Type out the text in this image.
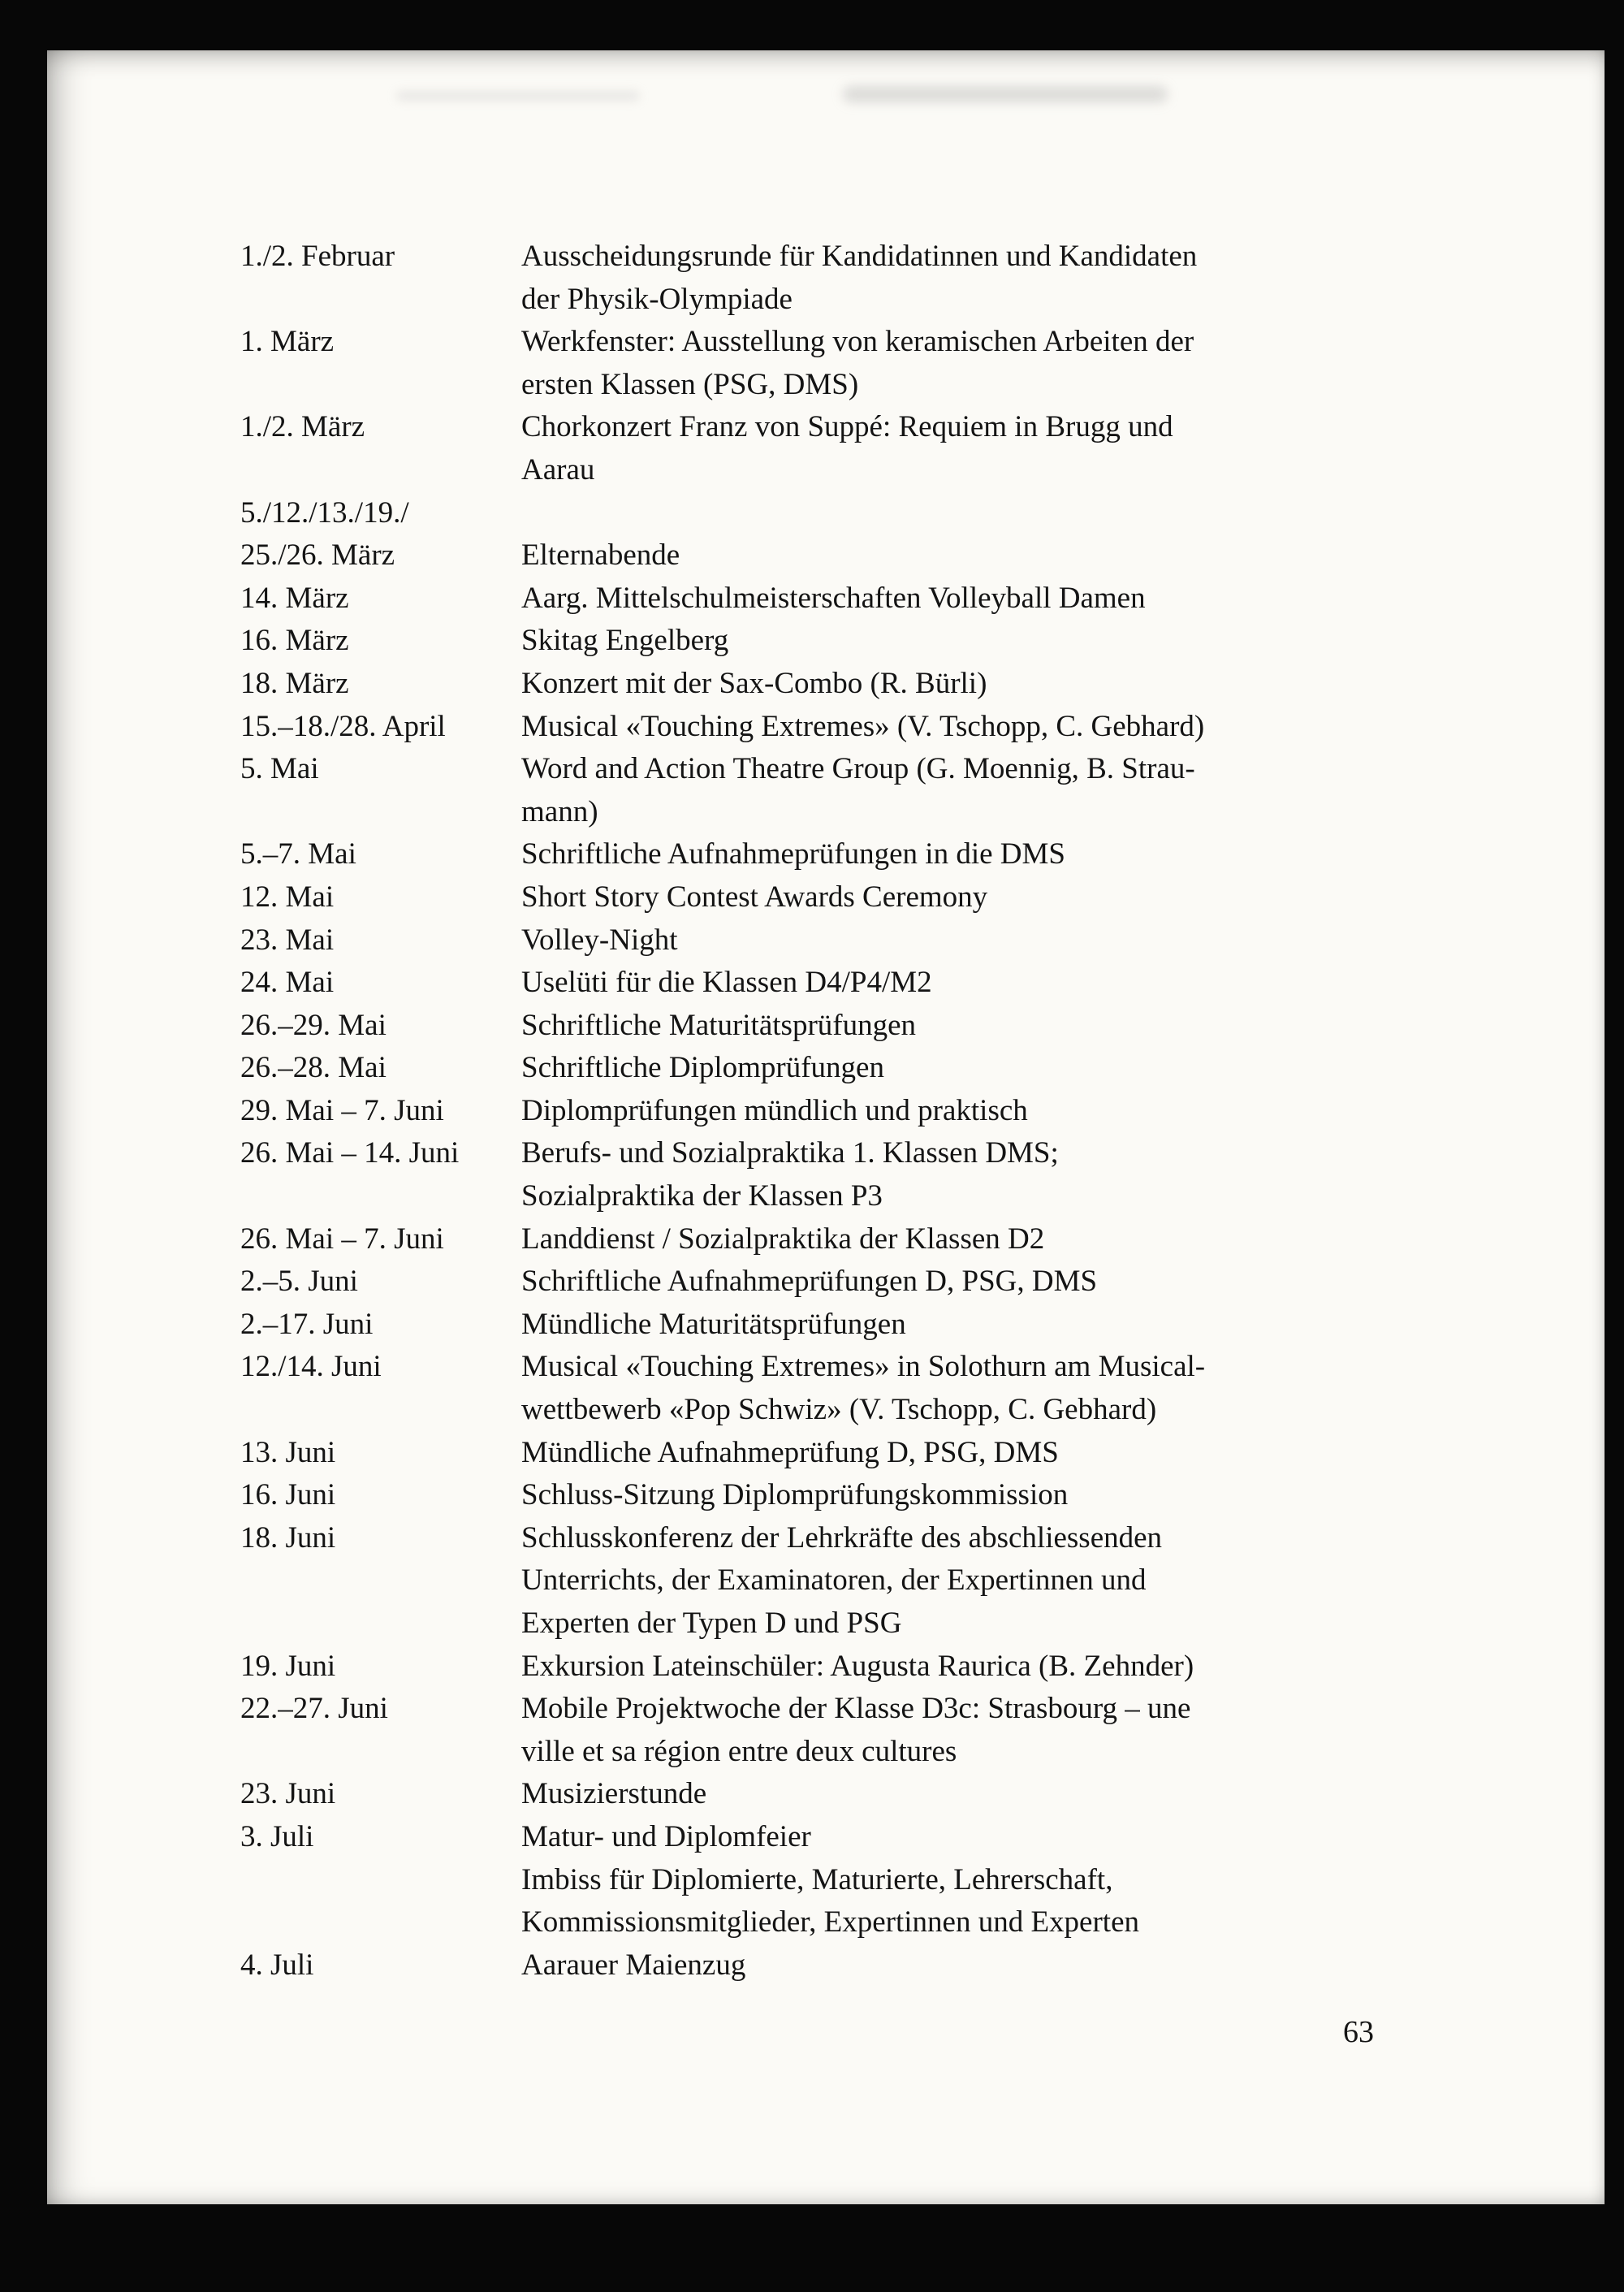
1./2. Februar	Ausscheidungsrunde für Kandidatinnen und Kandidaten
der Physik-Olympiade
1. März	Werkfenster: Ausstellung von keramischen Arbeiten der
ersten Klassen (PSG, DMS)
1./2. März	Chorkonzert Franz von Suppé: Requiem in Brugg und
Aarau
5./12./13./19./
25./26. März	Elternabende
14. März	Aarg. Mittelschulmeisterschaften Volleyball Damen
16. März	Skitag Engelberg
18. März	Konzert mit der Sax-Combo (R. Bürli)
15.–18./28. April	Musical «Touching Extremes» (V. Tschopp, C. Gebhard)
5. Mai	Word and Action Theatre Group (G. Moennig, B. Strau-
mann)
5.–7. Mai	Schriftliche Aufnahmeprüfungen in die DMS
12. Mai	Short Story Contest Awards Ceremony
23. Mai	Volley-Night
24. Mai	Uselüti für die Klassen D4/P4/M2
26.–29. Mai	Schriftliche Maturitätsprüfungen
26.–28. Mai	Schriftliche Diplomprüfungen
29. Mai – 7. Juni	Diplomprüfungen mündlich und praktisch
26. Mai – 14. Juni	Berufs- und Sozialpraktika 1. Klassen DMS;
Sozialpraktika der Klassen P3
26. Mai – 7. Juni	Landdienst / Sozialpraktika der Klassen D2
2.–5. Juni	Schriftliche Aufnahmeprüfungen D, PSG, DMS
2.–17. Juni	Mündliche Maturitätsprüfungen
12./14. Juni	Musical «Touching Extremes» in Solothurn am Musical-
wettbewerb «Pop Schwiz» (V. Tschopp, C. Gebhard)
13. Juni	Mündliche Aufnahmeprüfung D, PSG, DMS
16. Juni	Schluss-Sitzung Diplomprüfungskommission
18. Juni	Schlusskonferenz der Lehrkräfte des abschliessenden
Unterrichts, der Examinatoren, der Expertinnen und
Experten der Typen D und PSG
19. Juni	Exkursion Lateinschüler: Augusta Raurica (B. Zehnder)
22.–27. Juni	Mobile Projektwoche der Klasse D3c: Strasbourg – une
ville et sa région entre deux cultures
23. Juni	Musizierstunde
3. Juli	Matur- und Diplomfeier
Imbiss für Diplomierte, Maturierte, Lehrerschaft,
Kommissionsmitglieder, Expertinnen und Experten
4. Juli	Aarauer Maienzug
63
